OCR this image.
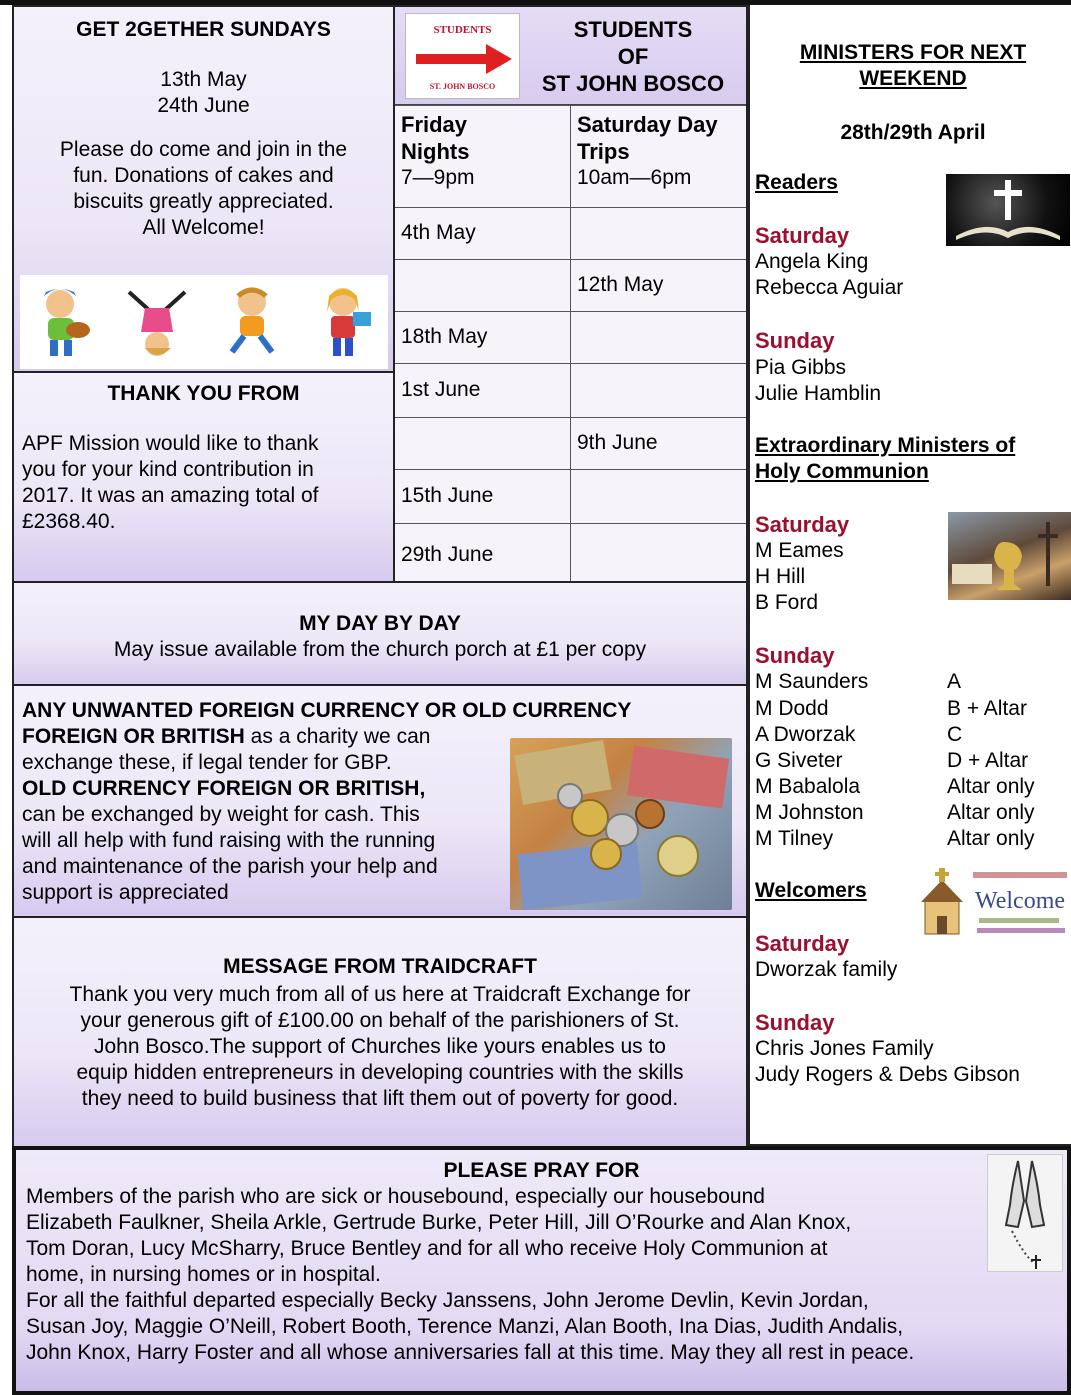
GET 2GETHER SUNDAYS

13th May

24th June

Please do come and join in the

fun. Donations of cakes and

biscuits greatly appreciated.

All Welcome!

THANK YOU FROM

APF Mission would like to thank

you for your kind contribution in

2017. It was an amazing total of

£2368.40.

STUDENTS
ST. JOHN BOSCO

STUDENTS

OF

ST JOHN BOSCO

Friday
Nights
7—9pm	Saturday Day
Trips
10am—6pm
4th May	
	12th May
18th May	
1st June	
	9th June
15th June	
29th June	
MY DAY BY DAY

May issue available from the church porch at £1 per copy

ANY UNWANTED FOREIGN CURRENCY OR OLD CURRENCY

FOREIGN OR BRITISH as a charity we can

exchange these, if legal tender for GBP.

OLD CURRENCY FOREIGN OR BRITISH,

can be exchanged by weight for cash. This

will all help with fund raising with the running

and maintenance of the parish your help and

support is appreciated

MESSAGE FROM TRAIDCRAFT

Thank you very much from all of us here at Traidcraft Exchange for

your generous gift of £100.00 on behalf of the parishioners of St.

John Bosco.The support of Churches like yours enables us to

equip hidden entrepreneurs in developing countries with the skills

they need to build business that lift them out of poverty for good.

PLEASE PRAY FOR

Members of the parish who are sick or housebound, especially our housebound

Elizabeth Faulkner, Sheila Arkle, Gertrude Burke, Peter Hill, Jill O’Rourke and Alan Knox,

Tom Doran, Lucy McSharry, Bruce Bentley and for all who receive Holy Communion at

home, in nursing homes or in hospital.

For all the faithful departed especially Becky Janssens, John Jerome Devlin, Kevin Jordan,

Susan Joy, Maggie O’Neill, Robert Booth, Terence Manzi, Alan Booth, Ina Dias, Judith Andalis,

John Knox, Harry Foster and all whose anniversaries fall at this time. May they all rest in peace.

MINISTERS FOR NEXT

WEEKEND

28th/29th April

Readers

Saturday

Angela King

Rebecca Aguiar

Sunday

Pia Gibbs

Julie Hamblin

Extraordinary Ministers of

Holy Communion

Saturday

M Eames

H Hill

B Ford

Sunday

M Saunders	A
M Dodd	B + Altar
A Dworzak	C
G Siveter	D + Altar
M Babalola	Altar only
M Johnston	Altar only
M Tilney	Altar only

Welcomers

Saturday

Dworzak family

Sunday

Chris Jones Family

Judy Rogers & Debs Gibson

Welcome
